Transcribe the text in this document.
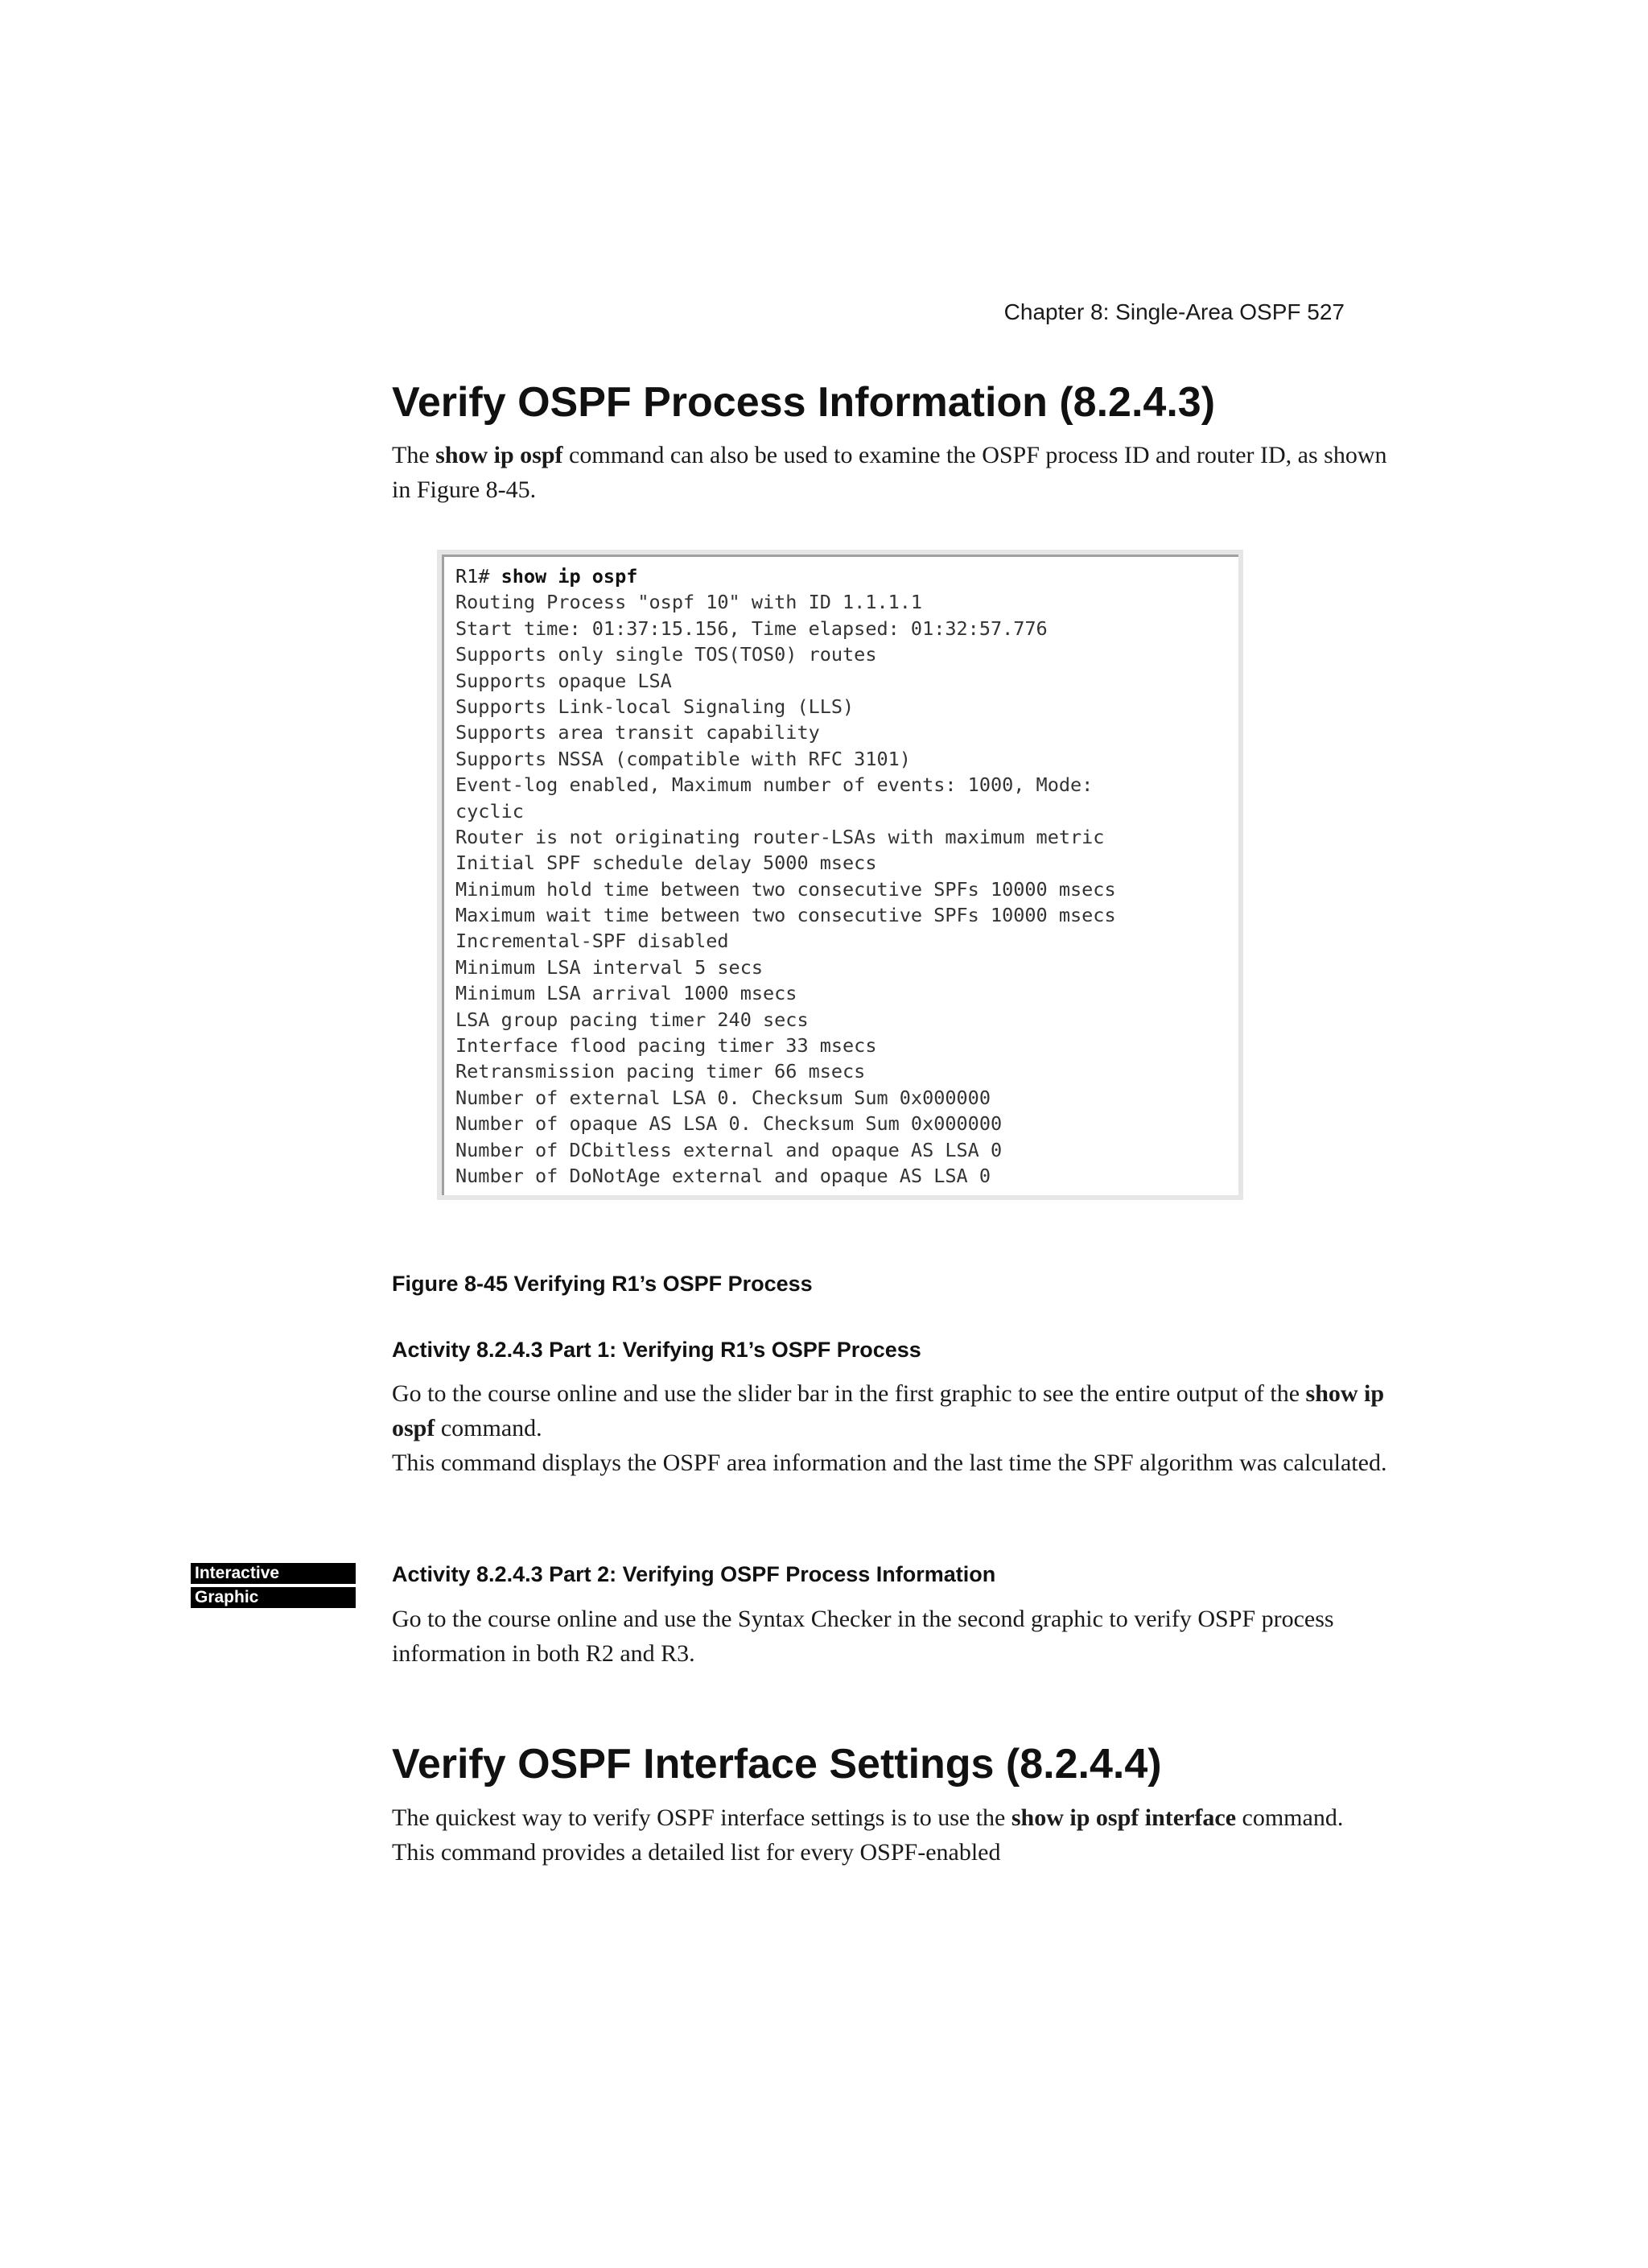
Chapter 8: Single-Area OSPF 527
Verify OSPF Process Information (8.2.4.3)

The show ip ospf command can also be used to examine the OSPF process ID and router ID, as shown in Figure 8-45.

R1# show ip ospf
Routing Process "ospf 10" with ID 1.1.1.1
Start time: 01:37:15.156, Time elapsed: 01:32:57.776
Supports only single TOS(TOS0) routes
Supports opaque LSA
Supports Link-local Signaling (LLS)
Supports area transit capability
Supports NSSA (compatible with RFC 3101)
Event-log enabled, Maximum number of events: 1000, Mode:
cyclic
Router is not originating router-LSAs with maximum metric
Initial SPF schedule delay 5000 msecs
Minimum hold time between two consecutive SPFs 10000 msecs
Maximum wait time between two consecutive SPFs 10000 msecs
Incremental-SPF disabled
Minimum LSA interval 5 secs
Minimum LSA arrival 1000 msecs
LSA group pacing timer 240 secs
Interface flood pacing timer 33 msecs
Retransmission pacing timer 66 msecs
Number of external LSA 0. Checksum Sum 0x000000
Number of opaque AS LSA 0. Checksum Sum 0x000000
Number of DCbitless external and opaque AS LSA 0
Number of DoNotAge external and opaque AS LSA 0
Figure 8-45 Verifying R1’s OSPF Process
Activity 8.2.4.3 Part 1: Verifying R1’s OSPF Process

Go to the course online and use the slider bar in the first graphic to see the entire output of the show ip ospf command.
This command displays the OSPF area information and the last time the SPF algorithm was calculated.

Interactive
Graphic
Activity 8.2.4.3 Part 2: Verifying OSPF Process Information

Go to the course online and use the Syntax Checker in the second graphic to verify OSPF process information in both R2 and R3.

Verify OSPF Interface Settings (8.2.4.4)

The quickest way to verify OSPF interface settings is to use the show ip ospf interface command. This command provides a detailed list for every OSPF-enabled
